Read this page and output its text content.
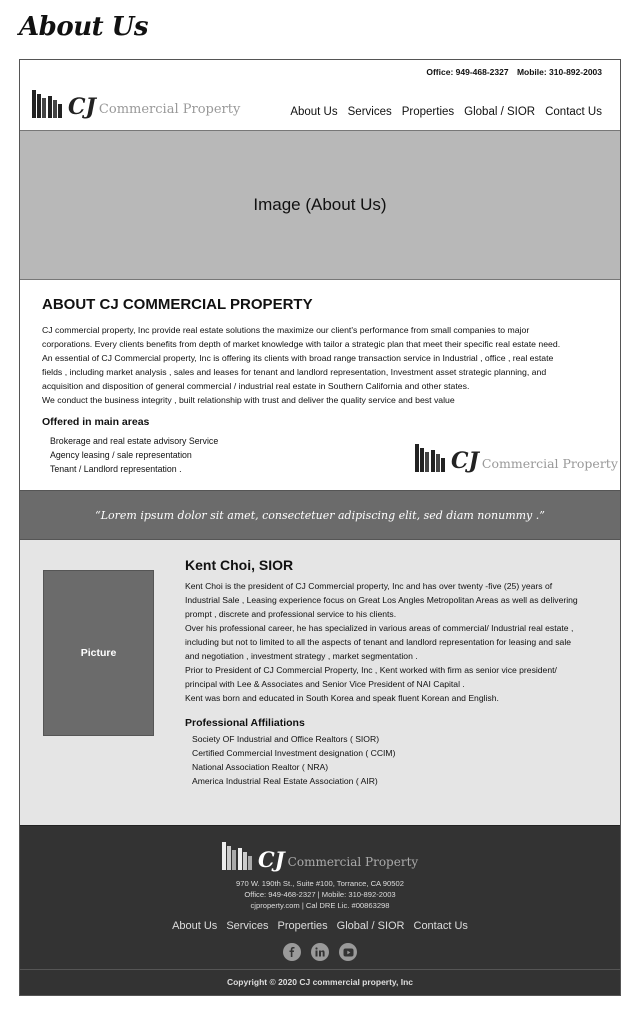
About Us
Office: 949-468-2327 Mobile: 310-892-2003
CJ Commercial Property	About Us Services Properties Global / SIOR Contact Us
Image (About Us)
ABOUT CJ COMMERCIAL PROPERTY

CJ commercial property, Inc provide real estate solutions the maximize our client's performance from small companies to major

corporations. Every clients benefits from depth of market knowledge with tailor a strategic plan that meet their specific real estate need.

An essential of CJ Commercial property, Inc is offering its clients with broad range transaction service in Industrial , office , real estate

fields , including market analysis , sales and leases for tenant and landlord representation, Investment asset strategic planning, and

acquisition and disposition of general commercial / industrial real estate in Southern California and other states.

We conduct the business integrity , built relationship with trust and deliver the quality service and best value

Offered in main areas
Brokerage and real estate advisory Service
Agency leasing / sale representation
Tenant / Landlord representation .	CJ Commercial Property
“Lorem ipsum dolor sit amet, consectetuer adipiscing elit, sed diam nonummy .”
Picture
Kent Choi, SIOR

Kent Choi is the president of CJ Commercial property, Inc and has over twenty -five (25) years of

Industrial Sale , Leasing experience focus on Great Los Angles Metropolitan Areas as well as delivering

prompt , discrete and professional service to his clients.

Over his professional career, he has specialized in various areas of commercial/ Industrial real estate ,

including but not to limited to all the aspects of tenant and landlord representation for leasing and sale

and negotiation , investment strategy , market segmentation .

Prior to President of CJ Commercial Property, Inc , Kent worked with firm as senior vice president/

principal with Lee & Associates and Senior Vice President of NAI Capital .

Kent was born and educated in South Korea and speak fluent Korean and English.

Professional Affiliations
Society OF Industrial and Office Realtors ( SIOR)
Certified Commercial Investment designation ( CCIM)
National Association Realtor ( NRA)
America Industrial Real Estate Association ( AIR)
CJ Commercial Property
970 W. 190th St., Suite #100, Torrance, CA 90502
Office: 949-468-2327 | Mobile: 310-892-2003
cjproperty.com | Cal DRE Lic. #00863298
About Us Services Properties Global / SIOR Contact Us
Copyright © 2020 CJ commercial property, Inc
